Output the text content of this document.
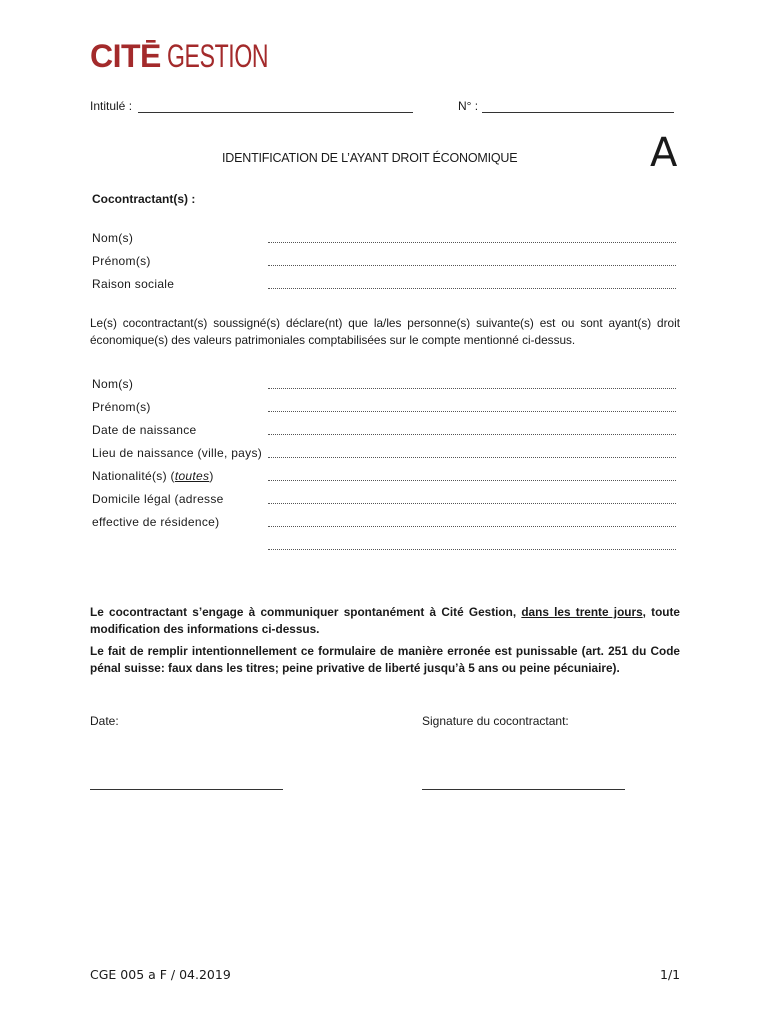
CITĒ GESTION
Intitulé :	N° :
IDENTIFICATION DE L’AYANT DROIT ÉCONOMIQUE	A
Cocontractant(s) :
Nom(s)
Prénom(s)
Raison sociale
Le(s) cocontractant(s) soussigné(s) déclare(nt) que la/les personne(s) suivante(s) est ou sont ayant(s) droit économique(s) des valeurs patrimoniales comptabilisées sur le compte mentionné ci-dessus.
Nom(s)
Prénom(s)
Date de naissance
Lieu de naissance (ville, pays)
Nationalité(s) (toutes)
Domicile légal (adresse
effective de résidence)
Le cocontractant s’engage à communiquer spontanément à Cité Gestion, dans les trente jours, toute modification des informations ci-dessus.
Le fait de remplir intentionnellement ce formulaire de manière erronée est punissable (art. 251 du Code pénal suisse: faux dans les titres; peine privative de liberté jusqu’à 5 ans ou peine pécuniaire).
Date:	Signature du cocontractant:
CGE 005 a F / 04.2019	1/1
